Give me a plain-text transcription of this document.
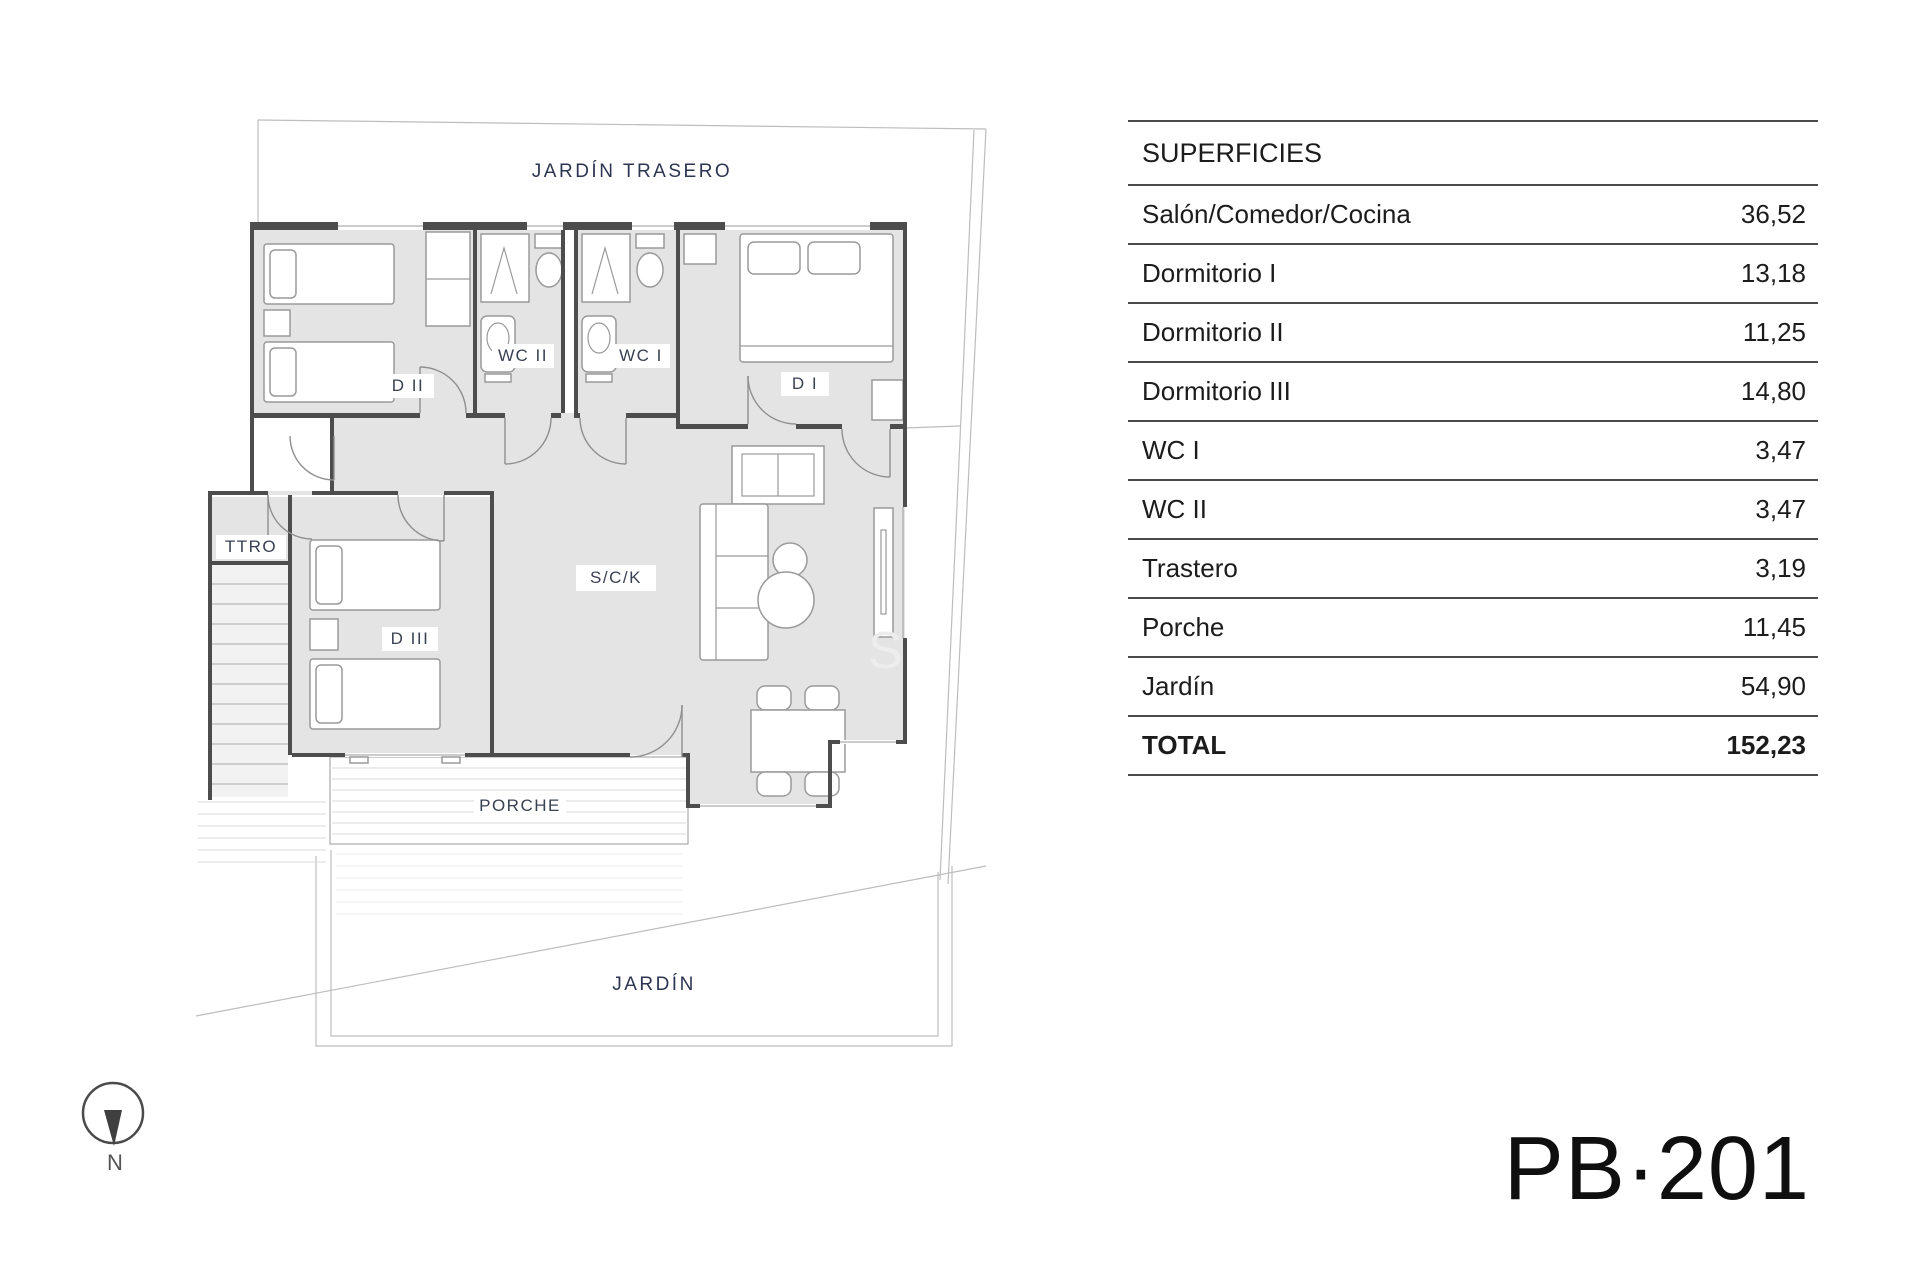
JARDÍN TRASERO
D II
WC II	WC I
D I
TTRO
D III
S/C/K
PORCHE
JARDÍN
S
N
SUPERFICIES
Salón/Comedor/Cocina	36,52
Dormitorio I	13,18
Dormitorio II	11,25
Dormitorio III	14,80
WC I	3,47
WC II	3,47
Trastero	3,19
Porche	11,45
Jardín	54,90
TOTAL	152,23
PB·201
